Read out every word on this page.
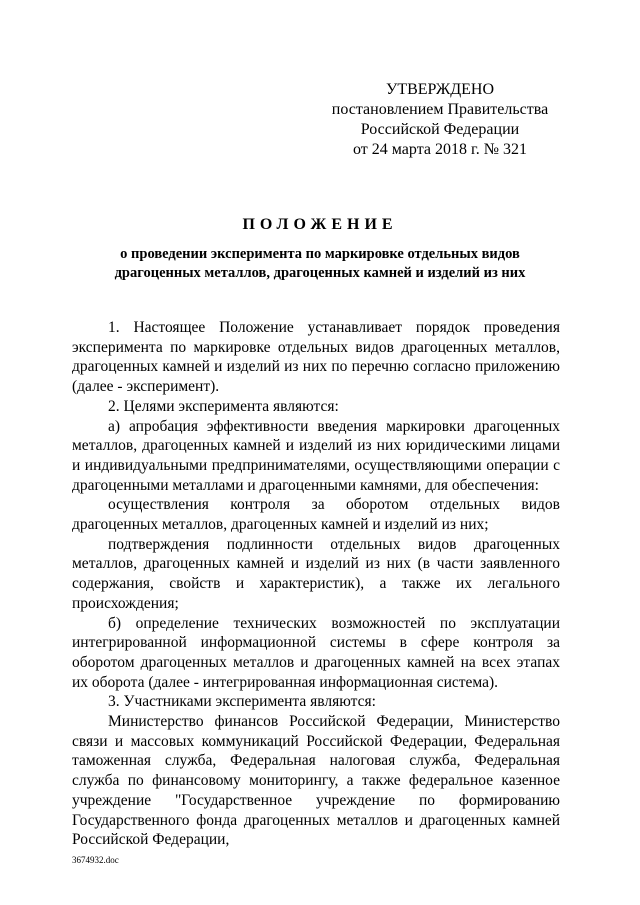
УТВЕРЖДЕНО
постановлением Правительства
Российской Федерации
от 24 марта 2018 г. № 321
ПОЛОЖЕНИЕ
о проведении эксперимента по маркировке отдельных видов
драгоценных металлов, драгоценных камней и изделий из них

1. Настоящее Положение устанавливает порядок проведения эксперимента по маркировке отдельных видов драгоценных металлов, драгоценных камней и изделий из них по перечню согласно приложению (далее - эксперимент).

2. Целями эксперимента являются:

а) апробация эффективности введения маркировки драгоценных металлов, драгоценных камней и изделий из них юридическими лицами и индивидуальными предпринимателями, осуществляющими операции с драгоценными металлами и драгоценными камнями, для обеспечения:

осуществления контроля за оборотом отдельных видов драгоценных металлов, драгоценных камней и изделий из них;

подтверждения подлинности отдельных видов драгоценных металлов, драгоценных камней и изделий из них (в части заявленного содержания, свойств и характеристик), а также их легального происхождения;

б) определение технических возможностей по эксплуатации интегрированной информационной системы в сфере контроля за оборотом драгоценных металлов и драгоценных камней на всех этапах их оборота (далее - интегрированная информационная система).

3. Участниками эксперимента являются:

Министерство финансов Российской Федерации, Министерство связи и массовых коммуникаций Российской Федерации, Федеральная таможенная служба, Федеральная налоговая служба, Федеральная служба по финансовому мониторингу, а также федеральное казенное учреждение "Государственное учреждение по формированию Государственного фонда драгоценных металлов и драгоценных камней Российской Федерации,

3674932.doc
